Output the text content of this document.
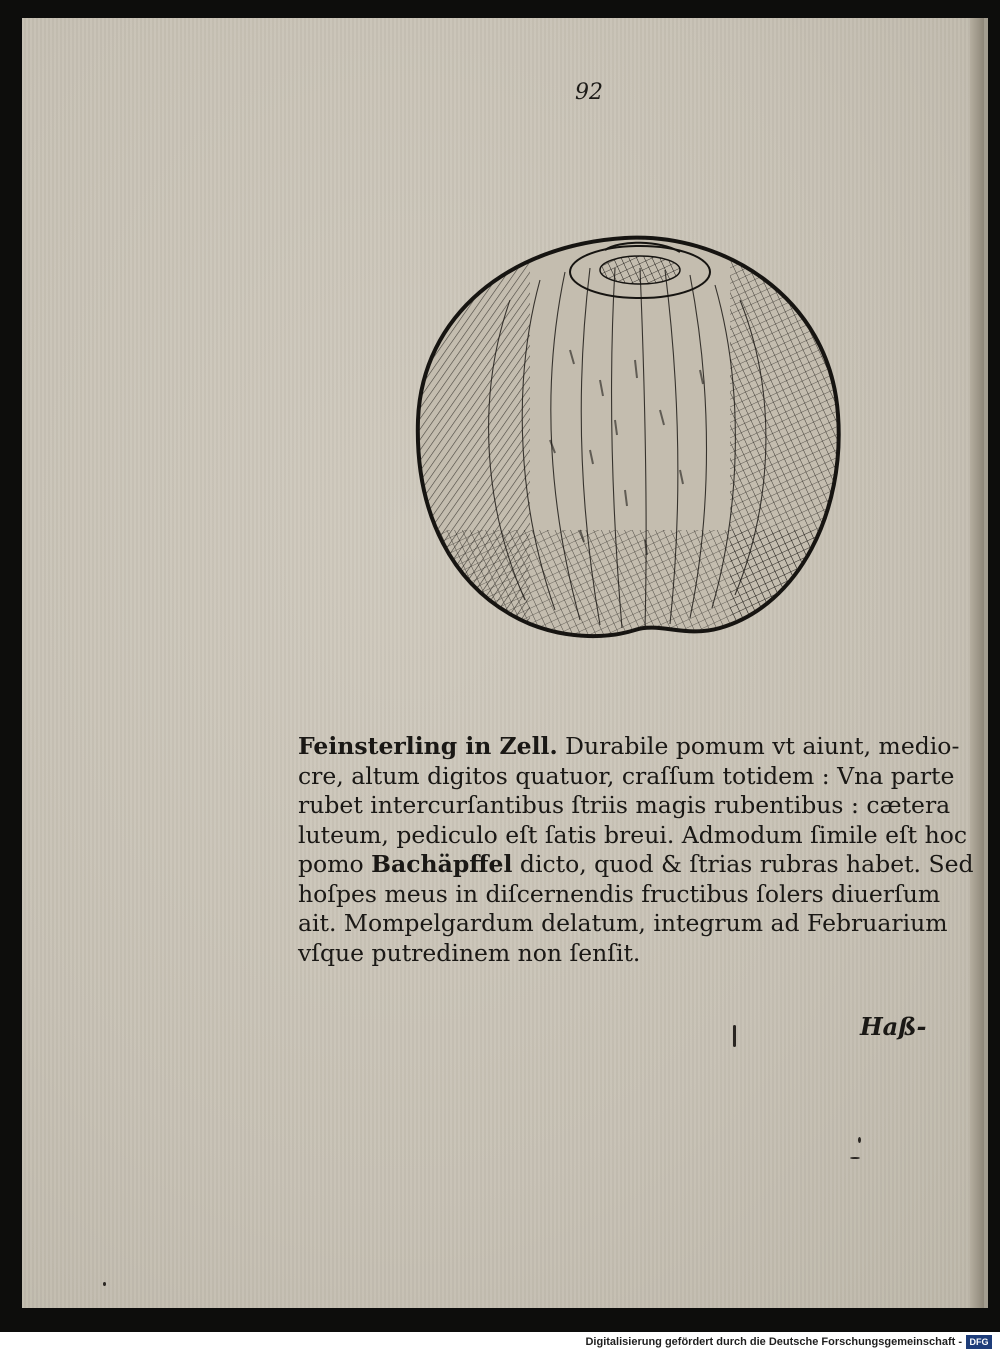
92
Feinsterling in Zell. Durabile pomum vt aiunt, medio-
cre, altum digitos quatuor, craſſum totidem : Vna parte
rubet intercurſantibus ſtriis magis rubentibus : cætera
luteum, pediculo eſt ſatis breui. Admodum ſimile eſt hoc
pomo Bachäpffel dicto, quod & ſtrias rubras habet. Sed
hoſpes meus in diſcernendis fructibus ſolers diuerſum
ait. Mompelgardum delatum, integrum ad Februarium
vſque putredinem non ſenſit.
Haß-
Digitalisierung gefördert durch die Deutsche Forschungsgemeinschaft - DFG
